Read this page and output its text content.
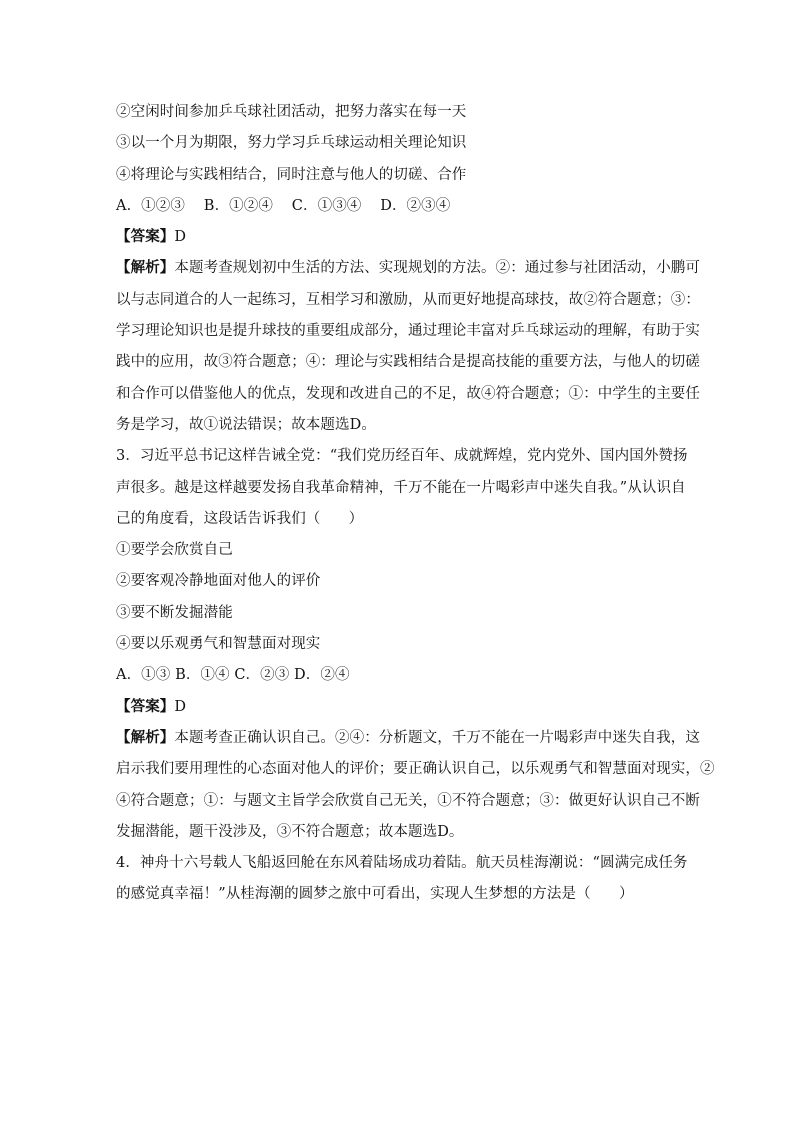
②空闲时间参加乒乓球社团活动，把努力落实在每一天
③以一个月为期限，努力学习乒乓球运动相关理论知识
④将理论与实践相结合，同时注意与他人的切磋、合作
A．①②③    B．①②④    C．①③④    D．②③④
【答案】D
【解析】本题考查规划初中生活的方法、实现规划的方法。②：通过参与社团活动，小鹏可
以与志同道合的人一起练习，互相学习和激励，从而更好地提高球技，故②符合题意；③：
学习理论知识也是提升球技的重要组成部分，通过理论丰富对乒乓球运动的理解，有助于实
践中的应用，故③符合题意；④：理论与实践相结合是提高技能的重要方法，与他人的切磋
和合作可以借鉴他人的优点，发现和改进自己的不足，故④符合题意；①：中学生的主要任
务是学习，故①说法错误；故本题选D。
3．习近平总书记这样告诫全党：“我们党历经百年、成就辉煌，党内党外、国内国外赞扬
声很多。越是这样越要发扬自我革命精神，千万不能在一片喝彩声中迷失自我。”从认识自
己的角度看，这段话告诉我们（      ）
①要学会欣赏自己
②要客观冷静地面对他人的评价
③要不断发掘潜能
④要以乐观勇气和智慧面对现实
A．①③ B．①④ C．②③ D．②④
【答案】D
【解析】本题考查正确认识自己。②④：分析题文，千万不能在一片喝彩声中迷失自我，这
启示我们要用理性的心态面对他人的评价；要正确认识自己，以乐观勇气和智慧面对现实，②
④符合题意；①：与题文主旨学会欣赏自己无关，①不符合题意；③：做更好认识自己不断
发掘潜能，题干没涉及，③不符合题意；故本题选D。
4．神舟十六号载人飞船返回舱在东风着陆场成功着陆。航天员桂海潮说：“圆满完成任务
的感觉真幸福！”从桂海潮的圆梦之旅中可看出，实现人生梦想的方法是（      ）
